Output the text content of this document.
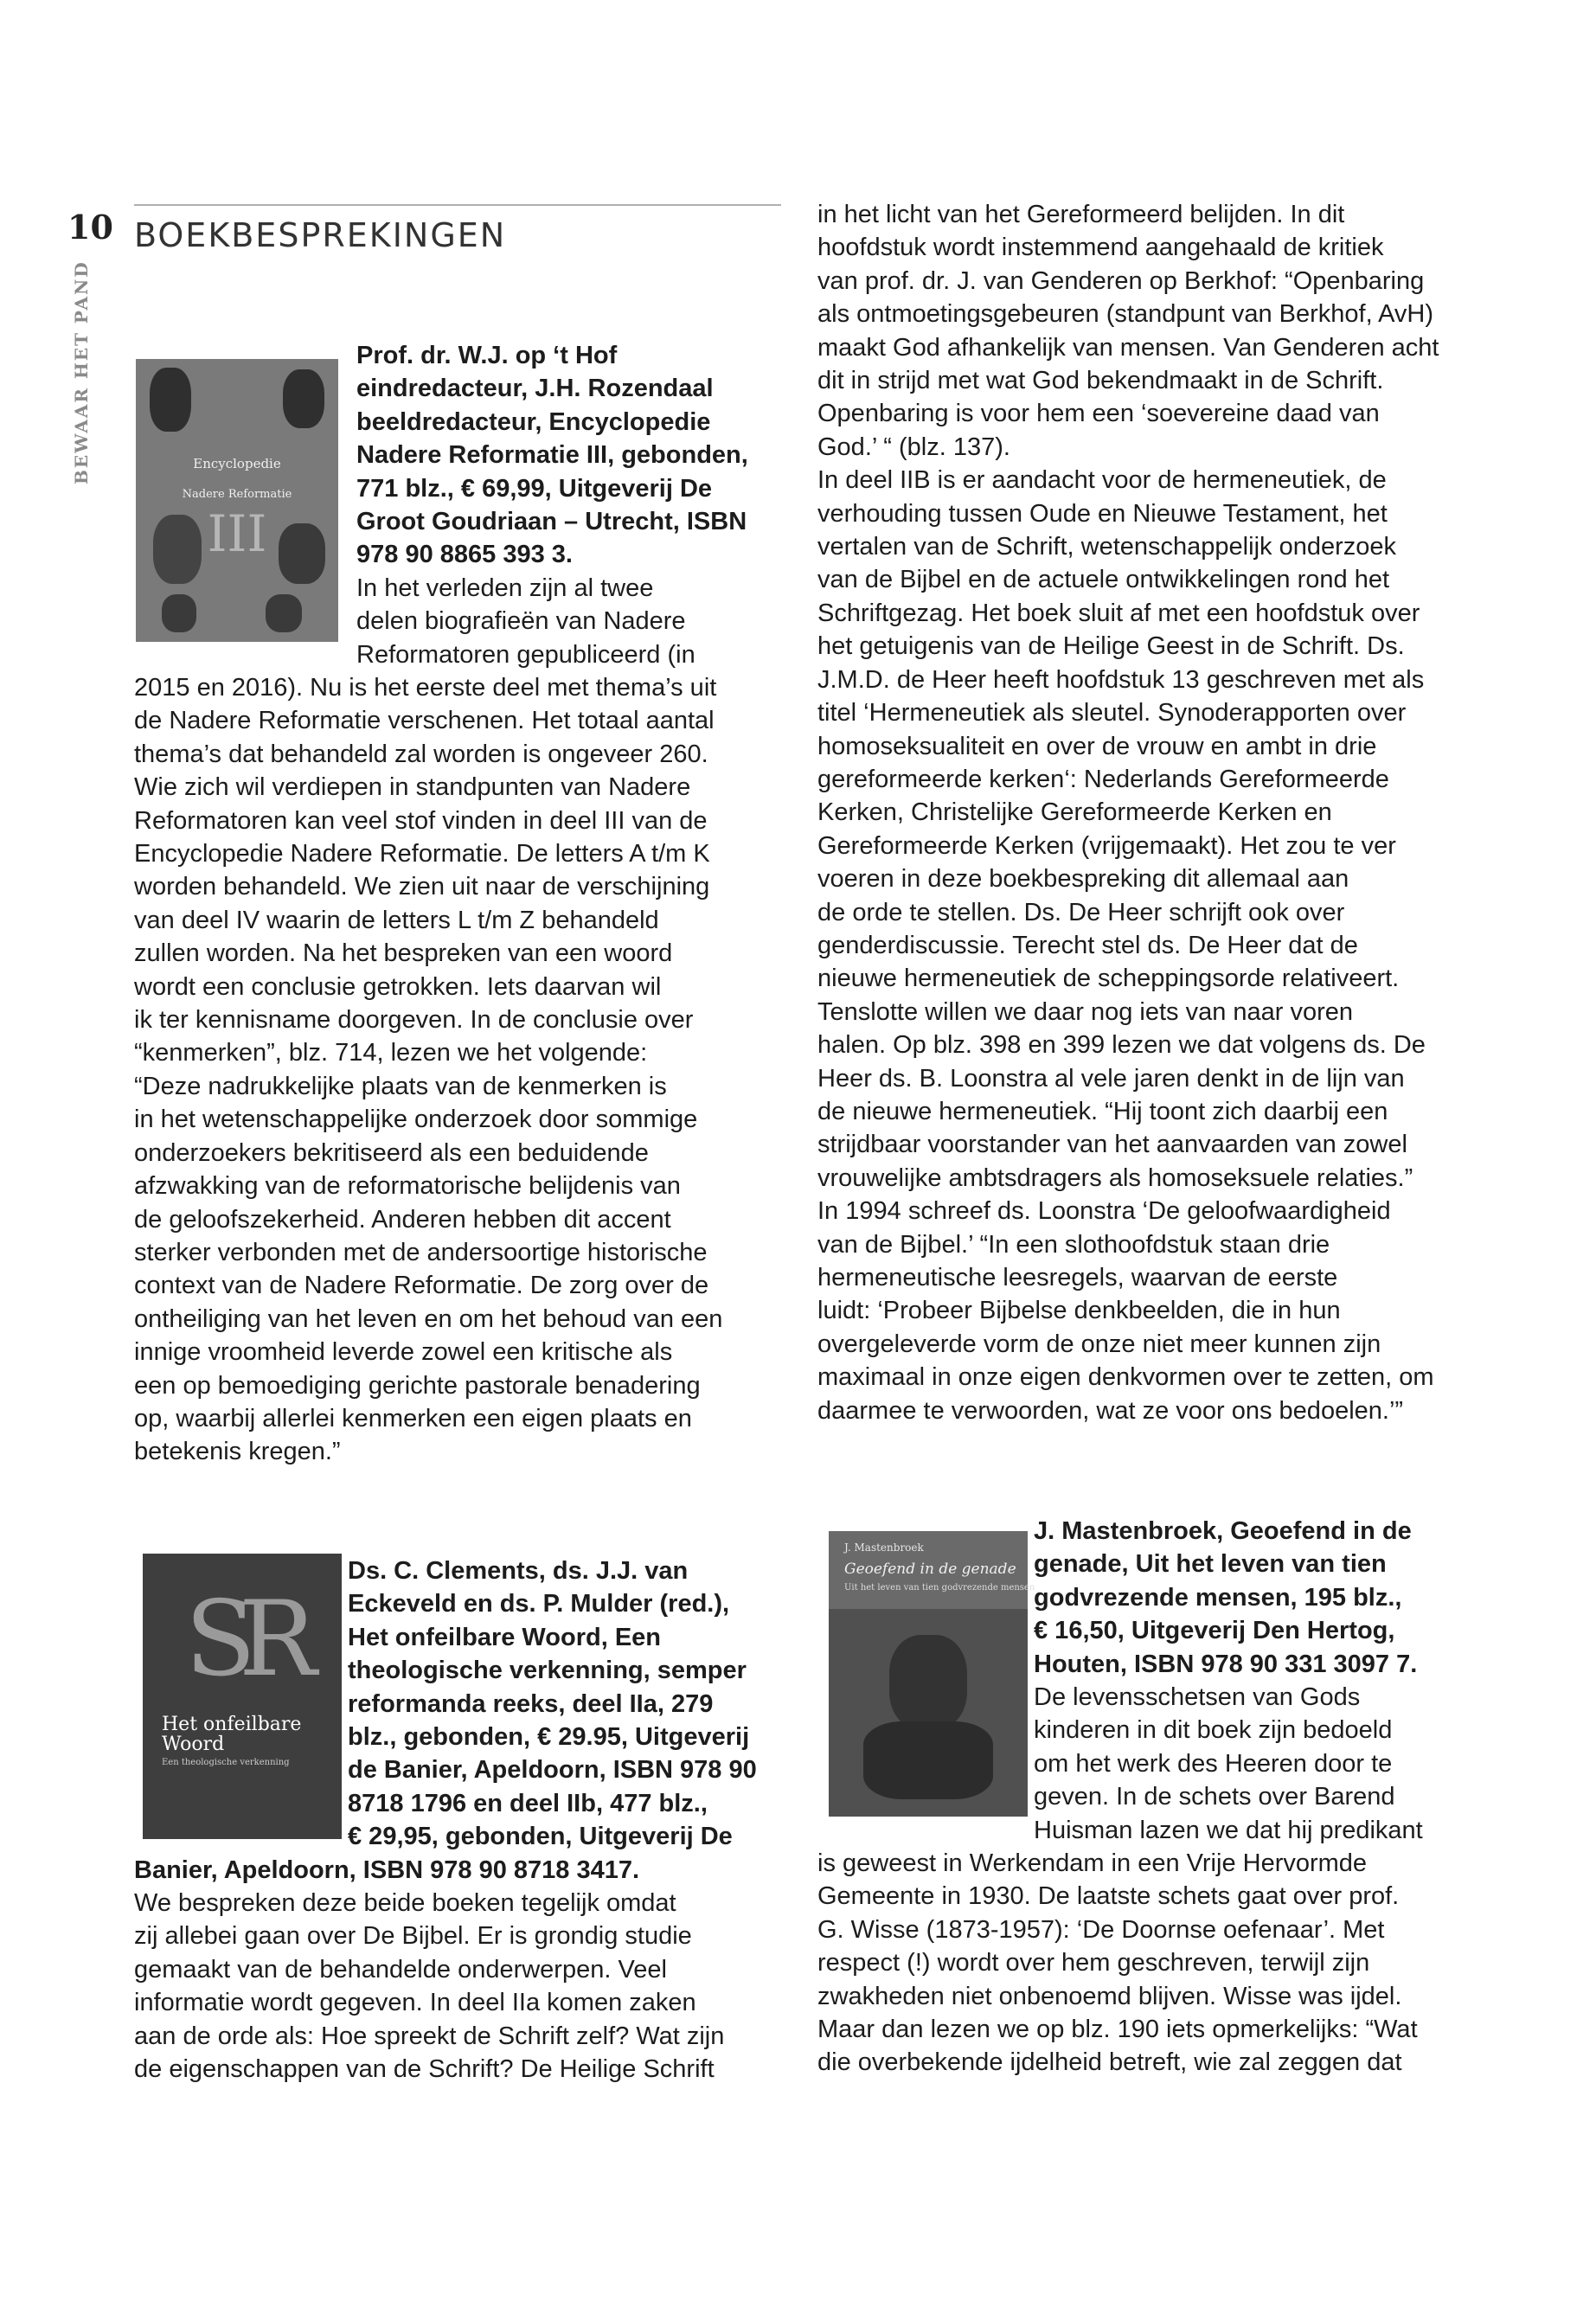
10
BEWAAR HET PAND
BOEKBESPREKINGEN
Encyclopedie
Nadere Reformatie
III
Prof. dr. W.J. op ‘t Hof
eindredacteur, J.H. Rozendaal
beeldredacteur, Encyclopedie
Nadere Reformatie III, gebonden,
771 blz., € 69,99, Uitgeverij De
Groot Goudriaan – Utrecht, ISBN
978 90 8865 393 3.
In het verleden zijn al twee
delen biografieën van Nadere
Reformatoren gepubliceerd (in
2015 en 2016). Nu is het eerste deel met thema’s uit
de Nadere Reformatie verschenen. Het totaal aantal
thema’s dat behandeld zal worden is ongeveer 260.
Wie zich wil verdiepen in standpunten van Nadere
Reformatoren kan veel stof vinden in deel III van de
Encyclopedie Nadere Reformatie. De letters A t/m K
worden behandeld. We zien uit naar de verschijning
van deel IV waarin de letters L t/m Z behandeld
zullen worden. Na het bespreken van een woord
wordt een conclusie getrokken. Iets daarvan wil
ik ter kennisname doorgeven. In de conclusie over
“kenmerken”, blz. 714, lezen we het volgende:
“Deze nadrukkelijke plaats van de kenmerken is
in het wetenschappelijke onderzoek door sommige
onderzoekers bekritiseerd als een beduidende
afzwakking van de reformatorische belijdenis van
de geloofszekerheid. Anderen hebben dit accent
sterker verbonden met de andersoortige historische
context van de Nadere Reformatie. De zorg over de
ontheiliging van het leven en om het behoud van een
innige vroomheid leverde zowel een kritische als
een op bemoediging gerichte pastorale benadering
op, waarbij allerlei kenmerken een eigen plaats en
betekenis kregen.”
in het licht van het Gereformeerd belijden. In dit
hoofdstuk wordt instemmend aangehaald de kritiek
van prof. dr. J. van Genderen op Berkhof: “Openbaring
als ontmoetingsgebeuren (standpunt van Berkhof, AvH)
maakt God afhankelijk van mensen. Van Genderen acht
dit in strijd met wat God bekendmaakt in de Schrift.
Openbaring is voor hem een ‘soevereine daad van
God.’ “ (blz. 137).
In deel IIB is er aandacht voor de hermeneutiek, de
verhouding tussen Oude en Nieuwe Testament, het
vertalen van de Schrift, wetenschappelijk onderzoek
van de Bijbel en de actuele ontwikkelingen rond het
Schriftgezag. Het boek sluit af met een hoofdstuk over
het getuigenis van de Heilige Geest in de Schrift. Ds.
J.M.D. de Heer heeft hoofdstuk 13 geschreven met als
titel ‘Hermeneutiek als sleutel. Synoderapporten over
homoseksualiteit en over de vrouw en ambt in drie
gereformeerde kerken‘: Nederlands Gereformeerde
Kerken, Christelijke Gereformeerde Kerken en
Gereformeerde Kerken (vrijgemaakt). Het zou te ver
voeren in deze boekbespreking dit allemaal aan
de orde te stellen. Ds. De Heer schrijft ook over
genderdiscussie. Terecht stel ds. De Heer dat de
nieuwe hermeneutiek de scheppingsorde relativeert.
Tenslotte willen we daar nog iets van naar voren
halen. Op blz. 398 en 399 lezen we dat volgens ds. De
Heer ds. B. Loonstra al vele jaren denkt in de lijn van
de nieuwe hermeneutiek. “Hij toont zich daarbij een
strijdbaar voorstander van het aanvaarden van zowel
vrouwelijke ambtsdragers als homoseksuele relaties.”
In 1994 schreef ds. Loonstra ‘De geloofwaardigheid
van de Bijbel.’ “In een slothoofdstuk staan drie
hermeneutische leesregels, waarvan de eerste
luidt: ‘Probeer Bijbelse denkbeelden, die in hun
overgeleverde vorm de onze niet meer kunnen zijn
maximaal in onze eigen denkvormen over te zetten, om
daarmee te verwoorden, wat ze voor ons bedoelen.’”
SR
Het onfeilbare Woord
Een theologische verkenning
Ds. C. Clements, ds. J.J. van
Eckeveld en ds. P. Mulder (red.),
Het onfeilbare Woord, Een
theologische verkenning, semper
reformanda reeks, deel IIa, 279
blz., gebonden, € 29.95, Uitgeverij
de Banier, Apeldoorn, ISBN 978 90
8718 1796 en deel IIb, 477 blz.,
€ 29,95, gebonden, Uitgeverij De
Banier, Apeldoorn, ISBN 978 90 8718 3417.
We bespreken deze beide boeken tegelijk omdat
zij allebei gaan over De Bijbel. Er is grondig studie
gemaakt van de behandelde onderwerpen. Veel
informatie wordt gegeven. In deel IIa komen zaken
aan de orde als: Hoe spreekt de Schrift zelf? Wat zijn
de eigenschappen van de Schrift? De Heilige Schrift
J. Mastenbroek
Geoefend in de genade
Uit het leven van tien godvrezende mensen
J. Mastenbroek, Geoefend in de
genade, Uit het leven van tien
godvrezende mensen, 195 blz.,
€ 16,50, Uitgeverij Den Hertog,
Houten, ISBN 978 90 331 3097 7.
De levensschetsen van Gods
kinderen in dit boek zijn bedoeld
om het werk des Heeren door te
geven. In de schets over Barend
Huisman lazen we dat hij predikant
is geweest in Werkendam in een Vrije Hervormde
Gemeente in 1930. De laatste schets gaat over prof.
G. Wisse (1873-1957): ‘De Doornse oefenaar’. Met
respect (!) wordt over hem geschreven, terwijl zijn
zwakheden niet onbenoemd blijven. Wisse was ijdel.
Maar dan lezen we op blz. 190 iets opmerkelijks: “Wat
die overbekende ijdelheid betreft, wie zal zeggen dat
